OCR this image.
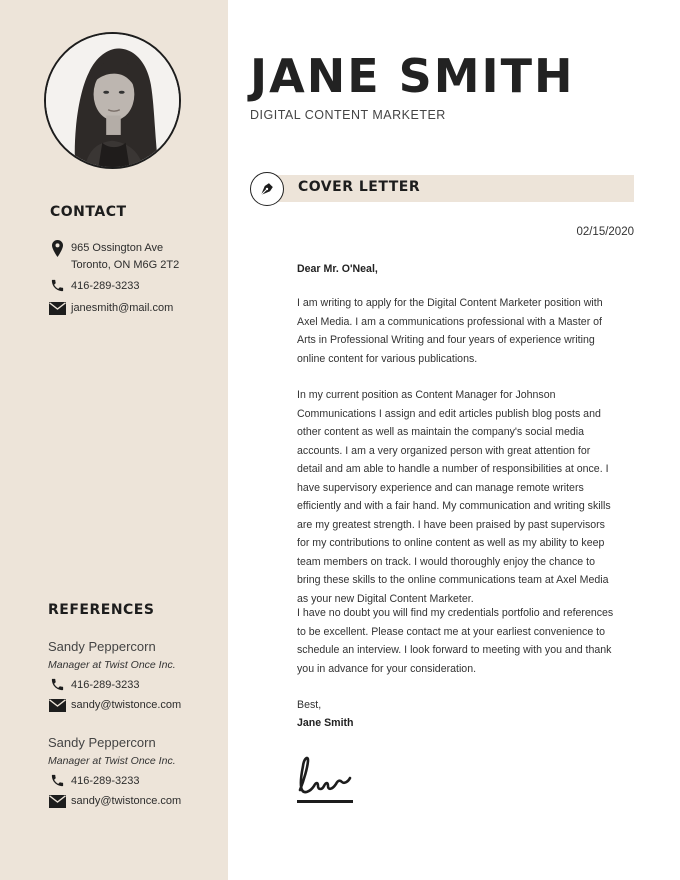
CONTACT
965 Ossington Ave
Toronto, ON M6G 2T2
416-289-3233
janesmith@mail.com
REFERENCES
Sandy Peppercorn
Manager at Twist Once Inc.
416-289-3233
sandy@twistonce.com
Sandy Peppercorn
Manager at Twist Once Inc.
416-289-3233
sandy@twistonce.com
JANE SMITH
DIGITAL CONTENT MARKETER
COVER LETTER
02/15/2020
Dear Mr. O'Neal,
I am writing to apply for the Digital Content Marketer position with Axel Media. I am a communications professional with a Master of Arts in Professional Writing and four years of experience writing online content for various publications.
In my current position as Content Manager for Johnson Communications I assign and edit articles publish blog posts and other content as well as maintain the company's social media accounts. I am a very organized person with great attention for detail and am able to handle a number of responsibilities at once. I have supervisory experience and can manage remote writers efficiently and with a fair hand. My communication and writing skills are my greatest strength. I have been praised by past supervisors for my contributions to online content as well as my ability to keep team members on track. I would thoroughly enjoy the chance to bring these skills to the online communications team at Axel Media as your new Digital Content Marketer.
I have no doubt you will find my credentials portfolio and references to be excellent. Please contact me at your earliest convenience to schedule an interview. I look forward to meeting with you and thank you in advance for your consideration.
Best,
Jane Smith
